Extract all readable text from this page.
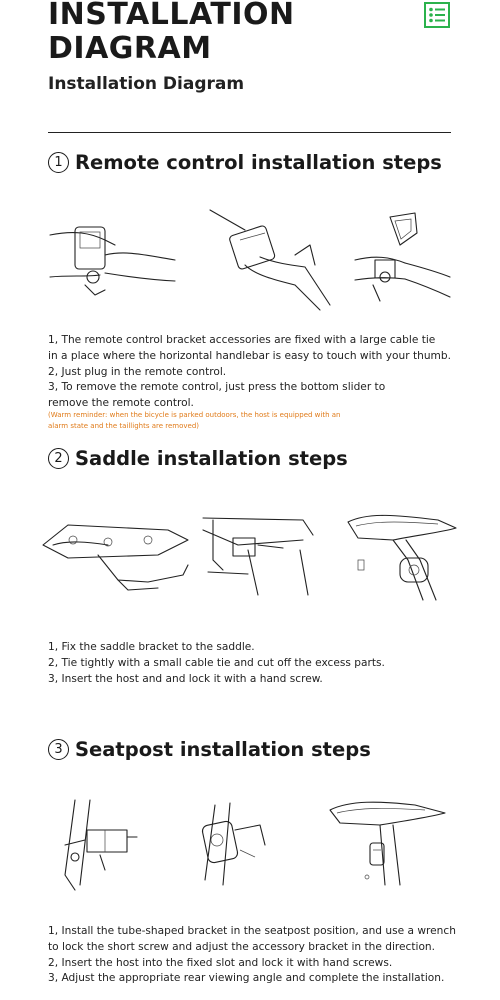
INSTALLATION
DIAGRAM
Installation Diagram
1 Remote control installation steps
1, The remote control bracket accessories are fixed with a large cable tie
in a place where the horizontal handlebar is easy to touch with your thumb.
2, Just plug in the remote control.
3, To remove the remote control, just press the bottom slider to
remove the remote control.
(Warm reminder: when the bicycle is parked outdoors, the host is equipped with an
alarm state and the taillights are removed)
2 Saddle installation steps
1, Fix the saddle bracket to the saddle.
2, Tie tightly with a small cable tie and cut off the excess parts.
3, Insert the host and and lock it with a hand screw.
3 Seatpost installation steps
1, Install the tube-shaped bracket in the seatpost position, and use a wrench
to lock the short screw and adjust the accessory bracket in the direction.
2, Insert the host into the fixed slot and lock it with hand screws.
3, Adjust the appropriate rear viewing angle and complete the installation.
